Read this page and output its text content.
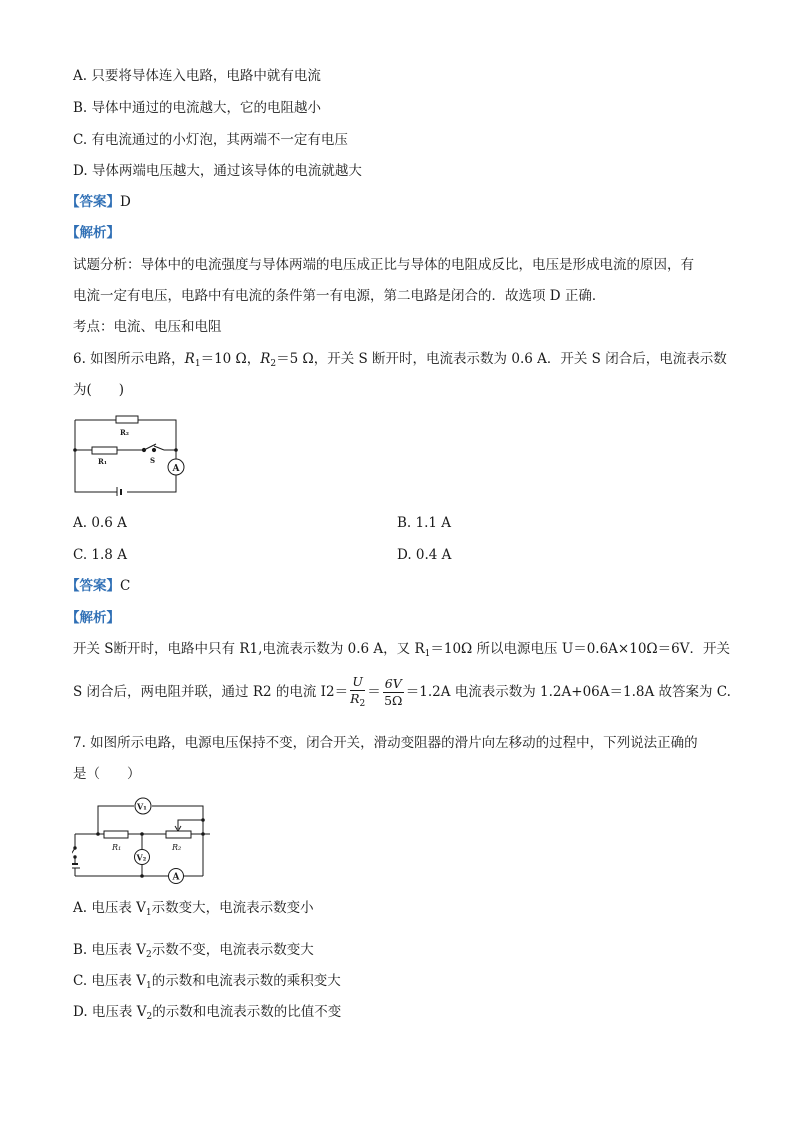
A. 只要将导体连入电路，电路中就有电流
B. 导体中通过的电流越大，它的电阻越小
C. 有电流通过的小灯泡，其两端不一定有电压
D. 导体两端电压越大，通过该导体的电流就越大
【答案】D
【解析】
试题分析：导体中的电流强度与导体两端的电压成正比与导体的电阻成反比，电压是形成电流的原因，有
电流一定有电压，电路中有电流的条件第一有电源，第二电路是闭合的．故选项 D 正确．
考点：电流、电压和电阻
6. 如图所示电路，$R_1=10$ Ω，$R_2=5$ Ω，开关 S 断开时，电流表示数为 0.6 A．开关 S 闭合后，电流表示数
为(　　)
R₂
R₁	S
A
A. 0.6 A	B. 1.1 A
C. 1.8 A	D. 0.4 A
【答案】C
【解析】
开关 S断开时，电路中只有 R1,电流表示数为 0.6 A，又 $R_1=10\Omega$ 所以电源电压 U＝0.6A×10Ω＝6V．开关
S 闭合后，两电阻并联，通过 R2 的电流 $I2= \frac{U}{R_2} = \frac{6V}{5\Omega} =1.2A$ 电流表示数为 1.2A+06A＝1.8A 故答案为 C.
7. 如图所示电路，电源电压保持不变，闭合开关，滑动变阻器的滑片向左移动的过程中，下列说法正确的
是（　　）
R₁	R₂
V₁
V₂
A
A. 电压表 $V_1$示数变大，电流表示数变小
B. 电压表 $V_2$示数不变，电流表示数变大
C. 电压表 $V_1$的示数和电流表示数的乘积变大
D. 电压表 $V_2$的示数和电流表示数的比值不变
